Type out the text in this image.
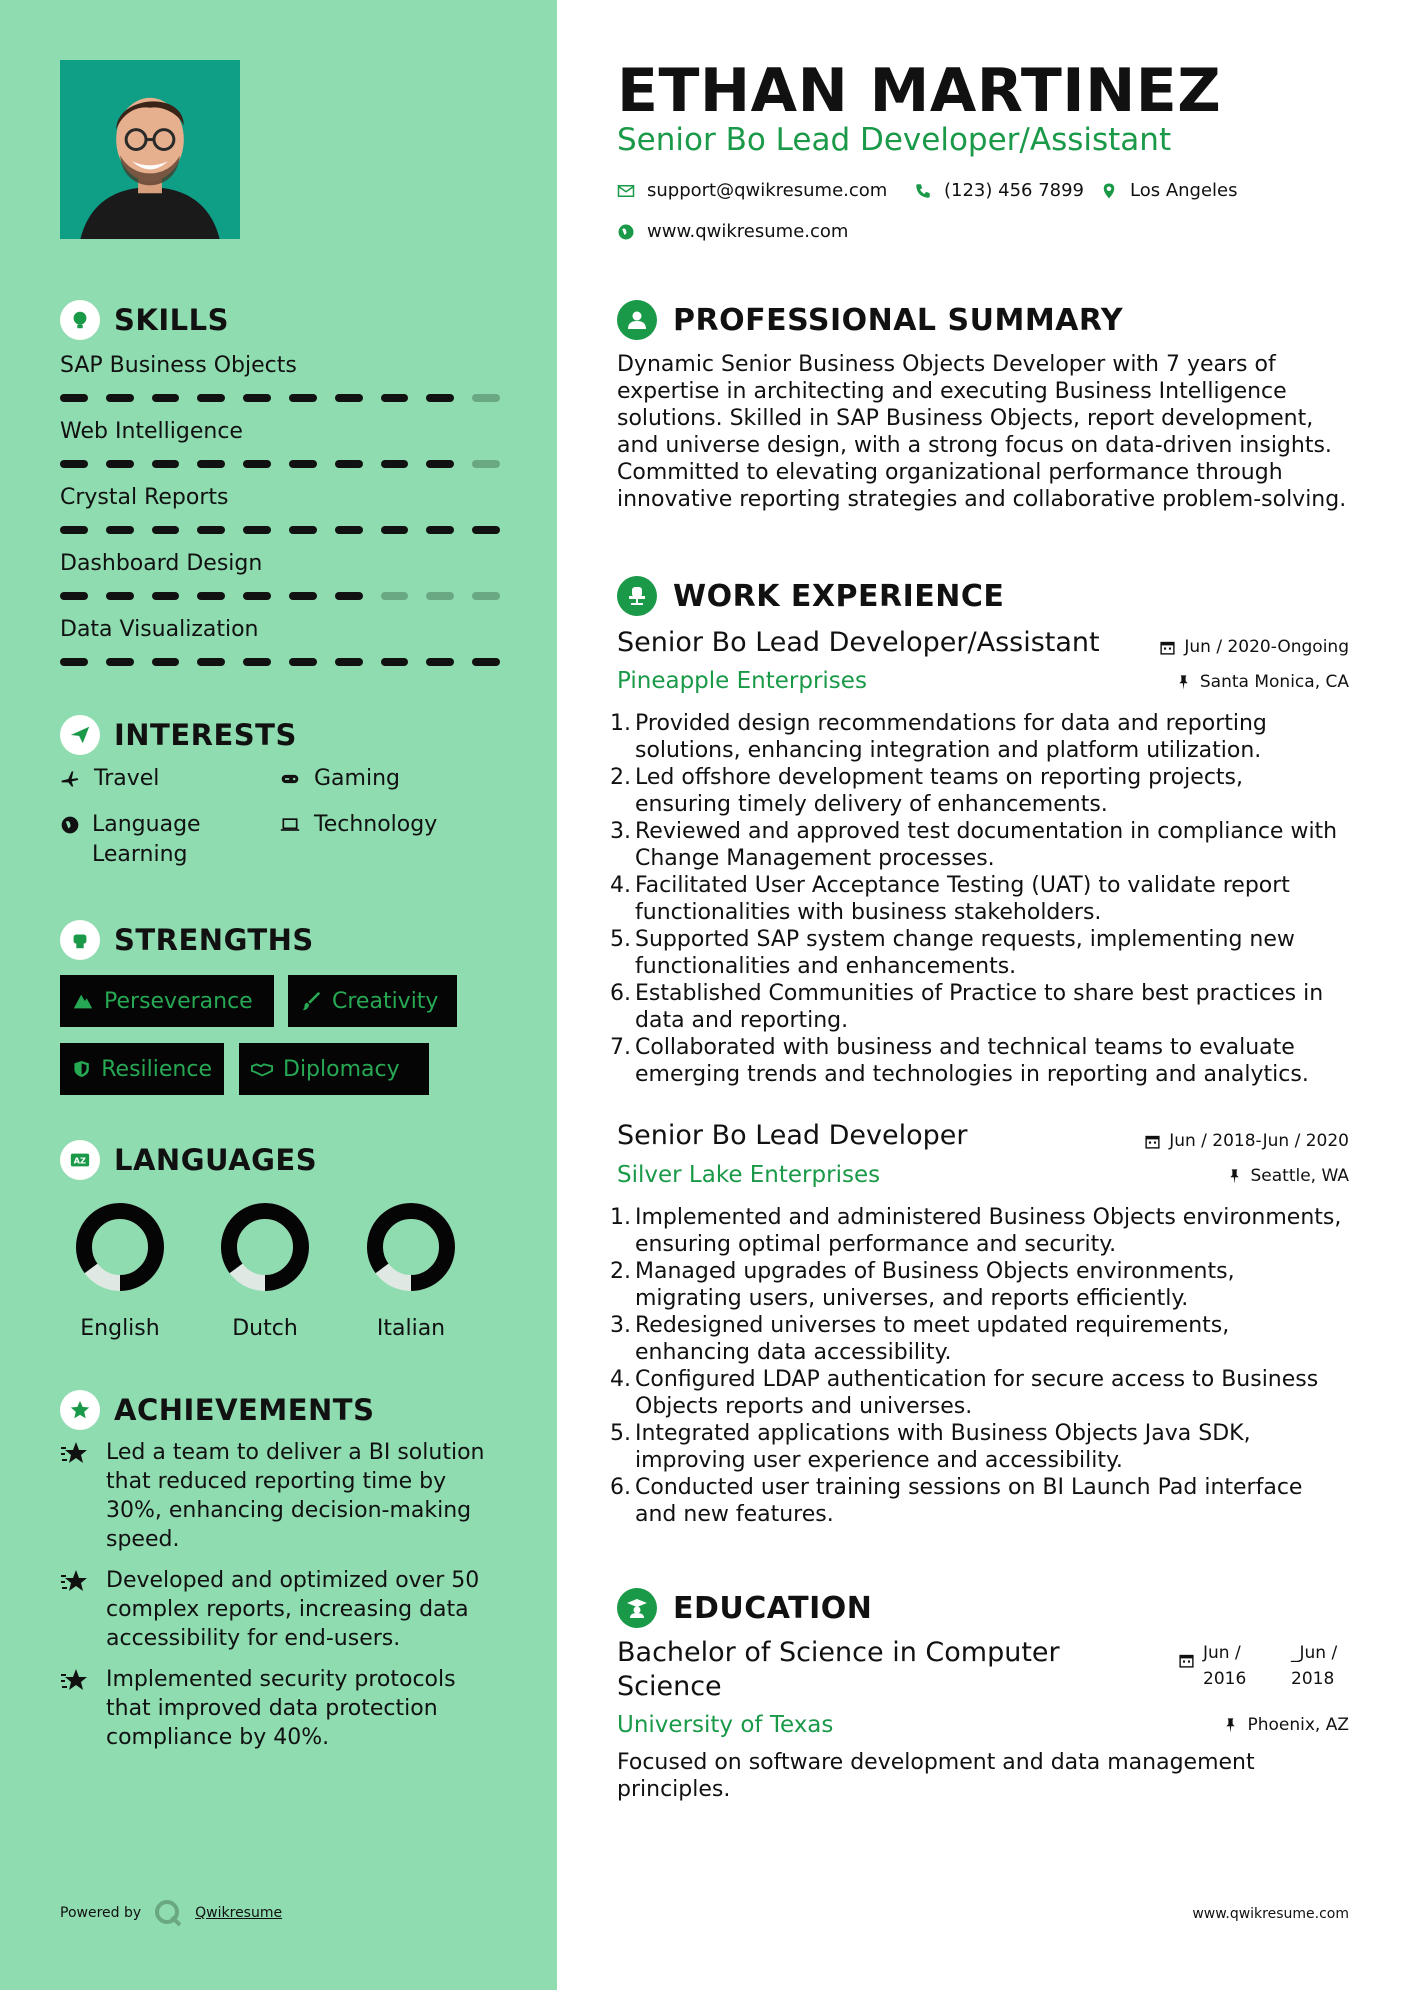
SKILLS
SAP Business Objects
Web Intelligence
Crystal Reports
Dashboard Design
Data Visualization
INTERESTS
Travel	Gaming
Language Learning
Technology
STRENGTHS
Perseverance	Creativity
Resilience	Diplomacy
AZ LANGUAGES
English	Dutch	Italian
ACHIEVEMENTS
Led a team to deliver a BI solution that reduced reporting time by 30%, enhancing decision-making speed.
Developed and optimized over 50 complex reports, increasing data accessibility for end-users.
Implemented security protocols that improved data protection compliance by 40%.
Powered by	Qwikresume
ETHAN MARTINEZ
Senior Bo Lead Developer/Assistant
support@qwikresume.com	(123) 456 7899	Los Angeles
www.qwikresume.com
PROFESSIONAL SUMMARY
Dynamic Senior Business Objects Developer with 7 years of expertise in architecting and executing Business Intelligence solutions. Skilled in SAP Business Objects, report development, and universe design, with a strong focus on data-driven insights. Committed to elevating organizational performance through innovative reporting strategies and collaborative problem-solving.
WORK EXPERIENCE
Senior Bo Lead Developer/Assistant	Jun / 2020-Ongoing
Pineapple Enterprises	Santa Monica, CA
1. Provided design recommendations for data and reporting solutions, enhancing integration and platform utilization.
2. Led offshore development teams on reporting projects, ensuring timely delivery of enhancements.
3. Reviewed and approved test documentation in compliance with Change Management processes.
4. Facilitated User Acceptance Testing (UAT) to validate report functionalities with business stakeholders.
5. Supported SAP system change requests, implementing new functionalities and enhancements.
6. Established Communities of Practice to share best practices in data and reporting.
7. Collaborated with business and technical teams to evaluate emerging trends and technologies in reporting and analytics.
Senior Bo Lead Developer	Jun / 2018-Jun / 2020
Silver Lake Enterprises	Seattle, WA
1. Implemented and administered Business Objects environments, ensuring optimal performance and security.
2. Managed upgrades of Business Objects environments, migrating users, universes, and reports efficiently.
3. Redesigned universes to meet updated requirements, enhancing data accessibility.
4. Configured LDAP authentication for secure access to Business Objects reports and universes.
5. Integrated applications with Business Objects Java SDK, improving user experience and accessibility.
6. Conducted user training sessions on BI Launch Pad interface and new features.
EDUCATION
Bachelor of Science in Computer Science
Jun / 2016
_Jun / 2018
University of Texas	Phoenix, AZ
Focused on software development and data management principles.
www.qwikresume.com
